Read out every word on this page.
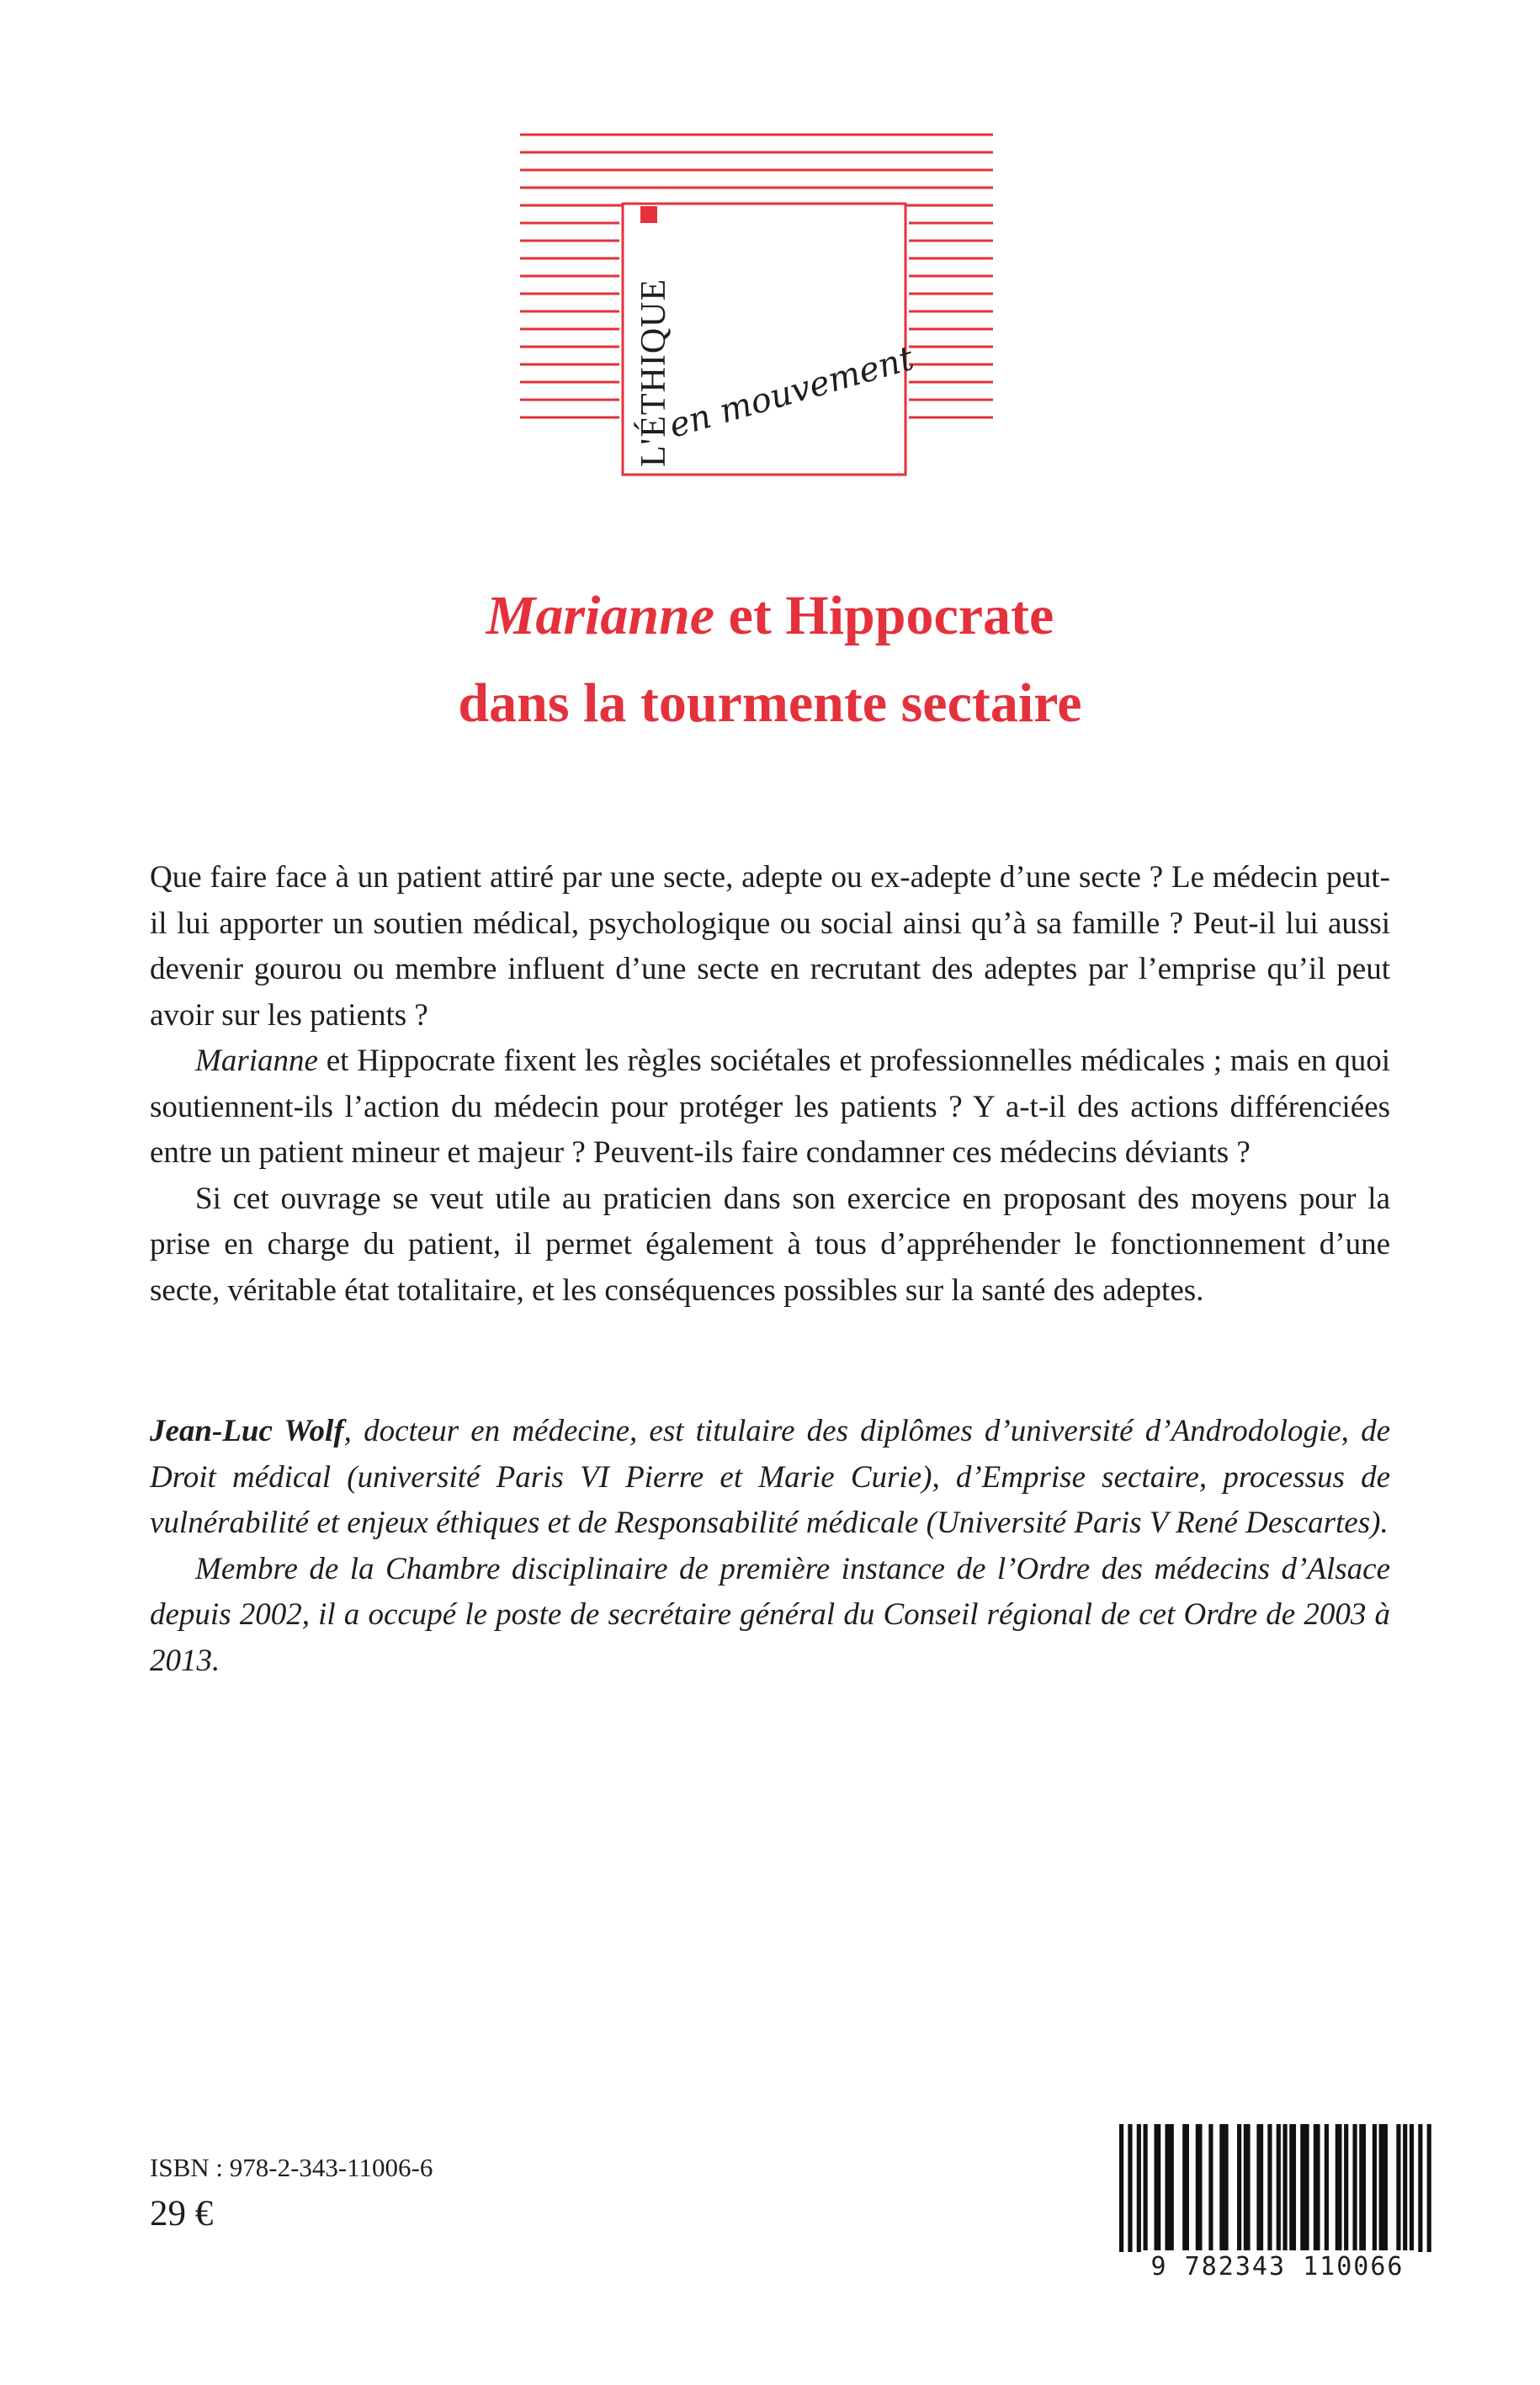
L'ÉTHIQUE
en mouvement
Marianne et Hippocrate
dans la tourmente sectaire

Que faire face à un patient attiré par une secte, adepte ou ex-adepte d’une secte ? Le médecin peut-il lui apporter un soutien médical, psychologique ou social ainsi qu’à sa famille ? Peut-il lui aussi devenir gourou ou membre influent d’une secte en recrutant des adeptes par l’emprise qu’il peut avoir sur les patients ?

Marianne et Hippocrate fixent les règles sociétales et professionnelles médicales ; mais en quoi soutiennent-ils l’action du médecin pour protéger les patients ? Y a-t-il des actions différenciées entre un patient mineur et majeur ? Peuvent-ils faire condamner ces médecins déviants ?

Si cet ouvrage se veut utile au praticien dans son exercice en proposant des moyens pour la prise en charge du patient, il permet également à tous d’appréhender le fonctionnement d’une secte, véritable état totalitaire, et les conséquences possibles sur la santé des adeptes.

Jean-Luc Wolf, docteur en médecine, est titulaire des diplômes d’université d’Androdologie, de Droit médical (université Paris VI Pierre et Marie Curie), d’Emprise sectaire, processus de vulnérabilité et enjeux éthiques et de Responsabilité médicale (Université Paris V René Descartes).

Membre de la Chambre disciplinaire de première instance de l’Ordre des médecins d’Alsace depuis 2002, il a occupé le poste de secrétaire général du Conseil régional de cet Ordre de 2003 à 2013.

ISBN : 978-2-343-11006-6
29 €
9 782343 110066
